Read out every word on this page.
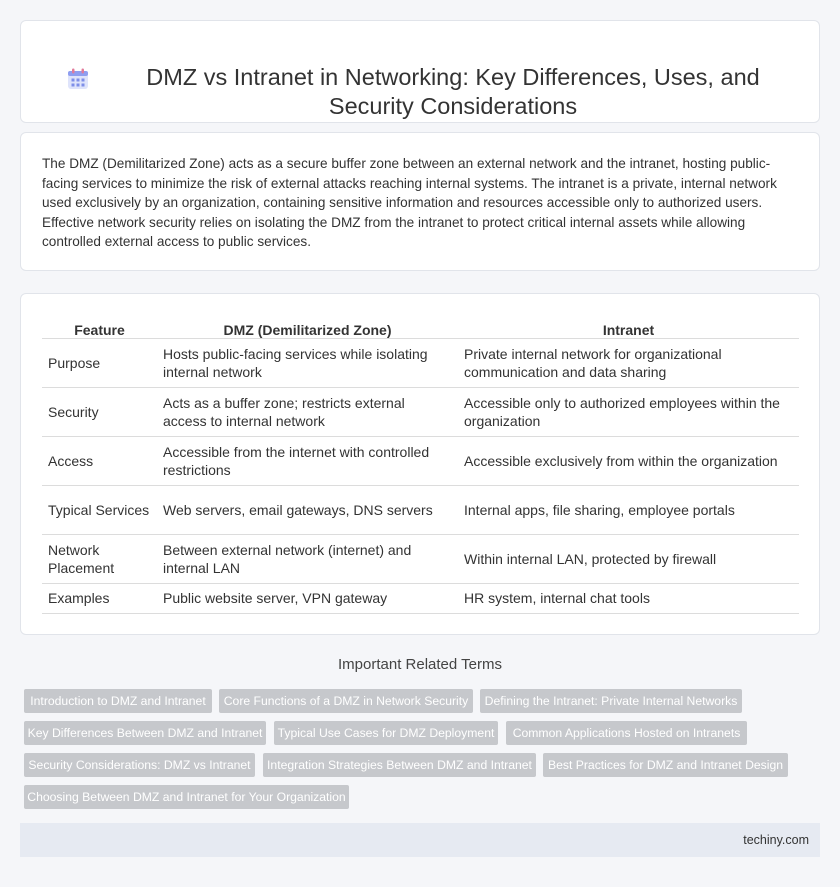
DMZ vs Intranet in Networking: Key Differences, Uses, and Security Considerations

The DMZ (Demilitarized Zone) acts as a secure buffer zone between an external network and the intranet, hosting public-facing services to minimize the risk of external attacks reaching internal systems. The intranet is a private, internal network used exclusively by an organization, containing sensitive information and resources accessible only to authorized users. Effective network security relies on isolating the DMZ from the intranet to protect critical internal assets while allowing controlled external access to public services.

Feature	DMZ (Demilitarized Zone)	Intranet
Purpose	Hosts public-facing services while isolating internal network	Private internal network for organizational communication and data sharing
Security	Acts as a buffer zone; restricts external access to internal network	Accessible only to authorized employees within the organization
Access	Accessible from the internet with controlled restrictions	Accessible exclusively from within the organization
Typical Services	Web servers, email gateways, DNS servers	Internal apps, file sharing, employee portals
Network Placement	Between external network (internet) and internal LAN	Within internal LAN, protected by firewall
Examples	Public website server, VPN gateway	HR system, internal chat tools
Important Related Terms
Introduction to DMZ and Intranet	Core Functions of a DMZ in Network Security	Defining the Intranet: Private Internal Networks
Key Differences Between DMZ and Intranet Typical Use Cases for DMZ Deployment	Common Applications Hosted on Intranets
Security Considerations: DMZ vs Intranet	Integration Strategies Between DMZ and Intranet	Best Practices for DMZ and Intranet Design
Choosing Between DMZ and Intranet for Your Organization
techiny.com
